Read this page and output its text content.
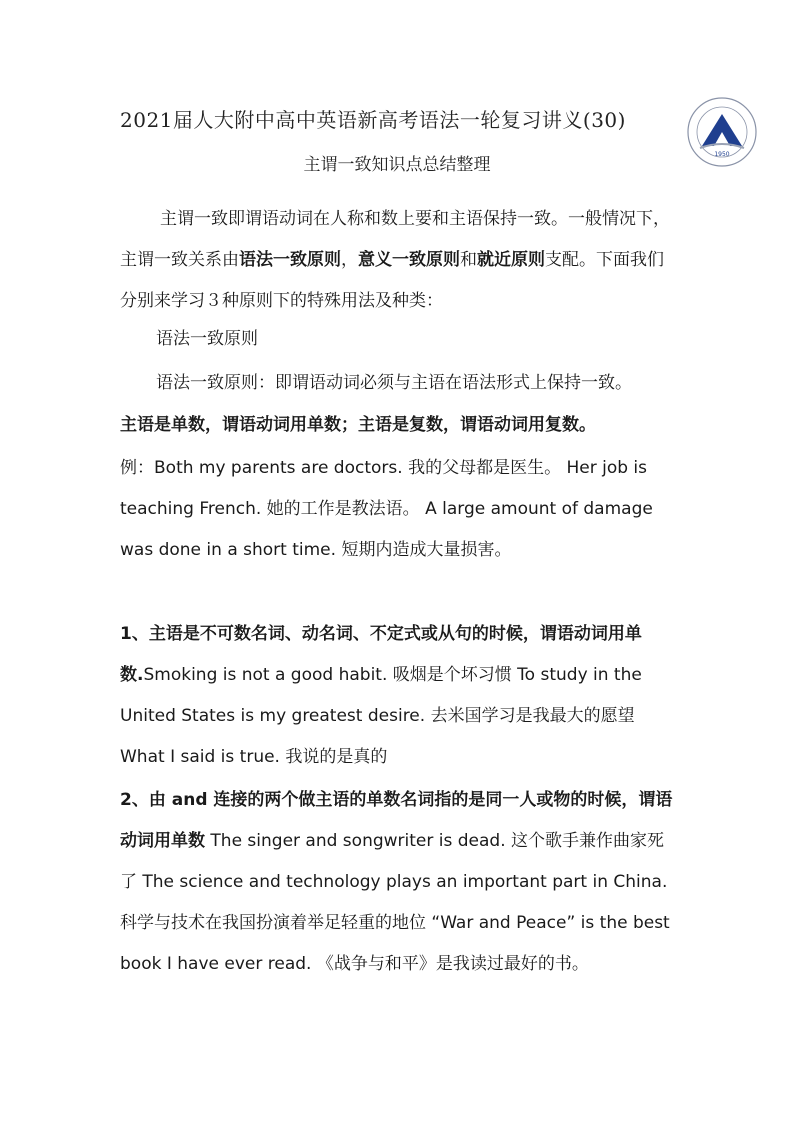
2021届人大附中高中英语新高考语法一轮复习讲义(30)
1950
主谓一致知识点总结整理
主谓一致即谓语动词在人称和数上要和主语保持一致。一般情况下，主谓一致关系由语法一致原则，意义一致原则和就近原则支配。下面我们分别来学习３种原则下的特殊用法及种类：
语法一致原则
语法一致原则：即谓语动词必须与主语在语法形式上保持一致。
主语是单数，谓语动词用单数；主语是复数，谓语动词用复数。
例：Both my parents are doctors. 我的父母都是医生。 Her job is teaching French. 她的工作是教法语。 A large amount of damage was done in a short time. 短期内造成大量损害。
1、主语是不可数名词、动名词、不定式或从句的时候，谓语动词用单数.Smoking is not a good habit. 吸烟是个坏习惯 To study in the United States is my greatest desire. 去米国学习是我最大的愿望 What I said is true. 我说的是真的
2、由 and 连接的两个做主语的单数名词指的是同一人或物的时候，谓语动词用单数 The singer and songwriter is dead. 这个歌手兼作曲家死了 The science and technology plays an important part in China. 科学与技术在我国扮演着举足轻重的地位 “War and Peace” is the best book I have ever read. 《战争与和平》是我读过最好的书。
